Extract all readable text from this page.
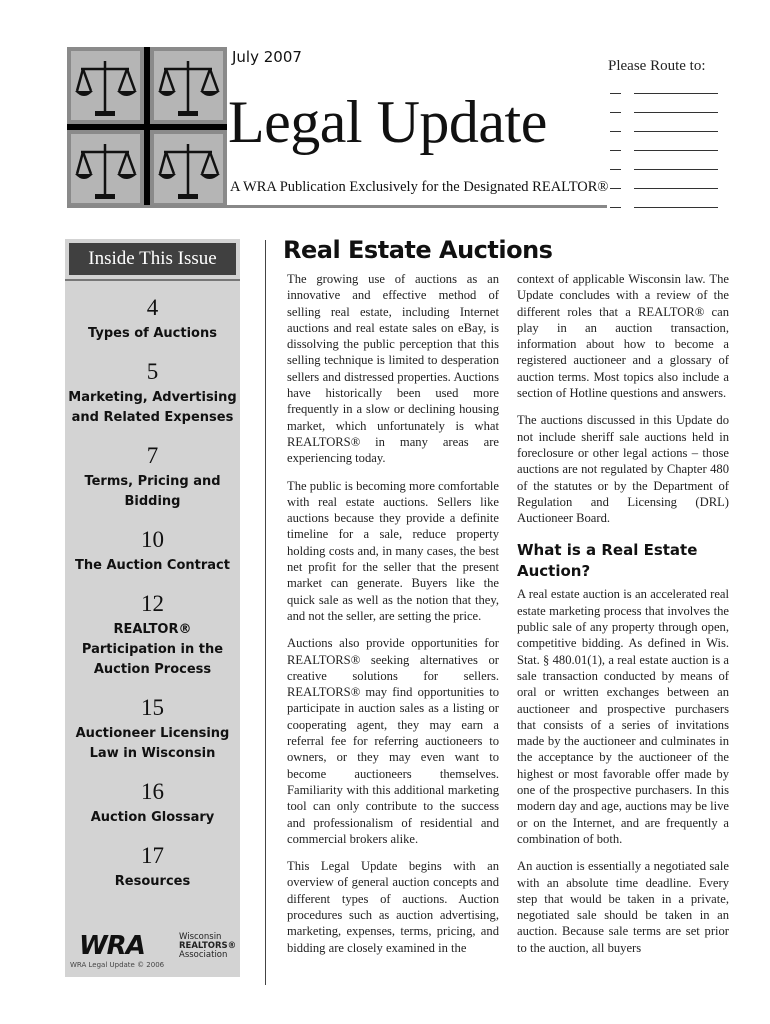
July 2007
Legal Update
A WRA Publication Exclusively for the Designated REALTOR®
Please Route to:
Inside This Issue
4
Types of Auctions
5
Marketing, Advertising and Related Expenses
7
Terms, Pricing and Bidding
10
The Auction Contract
12
REALTOR® Participation in the Auction Process
15
Auctioneer Licensing Law in Wisconsin
16
Auction Glossary
17
Resources
WRA	Wisconsin
REALTORS®
Association
WRA Legal Update © 2006
Real Estate Auctions

The growing use of auctions as an innovative and effective method of selling real estate, including Internet auctions and real estate sales on eBay, is dissolving the public perception that this selling technique is limited to desperation sellers and distressed properties. Auctions have historically been used more frequently in a slow or declining housing market, which unfortunately is what REALTORS® in many areas are experiencing today.

The public is becoming more comfortable with real estate auctions. Sellers like auctions because they provide a definite timeline for a sale, reduce property holding costs and, in many cases, the best net profit for the seller that the present market can generate. Buyers like the quick sale as well as the notion that they, and not the seller, are setting the price.

Auctions also provide opportunities for REALTORS® seeking alternatives or creative solutions for sellers. REALTORS® may find opportunities to participate in auction sales as a listing or cooperating agent, they may earn a referral fee for referring auctioneers to owners, or they may even want to become auctioneers themselves. Familiarity with this additional marketing tool can only contribute to the success and professionalism of residential and commercial brokers alike.

This Legal Update begins with an overview of general auction concepts and different types of auctions. Auction procedures such as auction advertising, marketing, expenses, terms, pricing, and bidding are closely examined in the

context of applicable Wisconsin law. The Update concludes with a review of the different roles that a REALTOR® can play in an auction transaction, information about how to become a registered auctioneer and a glossary of auction terms. Most topics also include a section of Hotline questions and answers.

The auctions discussed in this Update do not include sheriff sale auctions held in foreclosure or other legal actions – those auctions are not regulated by Chapter 480 of the statutes or by the Department of Regulation and Licensing (DRL) Auctioneer Board.

What is a Real Estate Auction?

A real estate auction is an accelerated real estate marketing process that involves the public sale of any property through open, competitive bidding. As defined in Wis. Stat. § 480.01(1), a real estate auction is a sale transaction conducted by means of oral or written exchanges between an auctioneer and prospective purchasers that consists of a series of invitations made by the auctioneer and culminates in the acceptance by the auctioneer of the highest or most favorable offer made by one of the prospective purchasers. In this modern day and age, auctions may be live or on the Internet, and are frequently a combination of both.

An auction is essentially a negotiated sale with an absolute time deadline. Every step that would be taken in a private, negotiated sale should be taken in an auction. Because sale terms are set prior to the auction, all buyers
